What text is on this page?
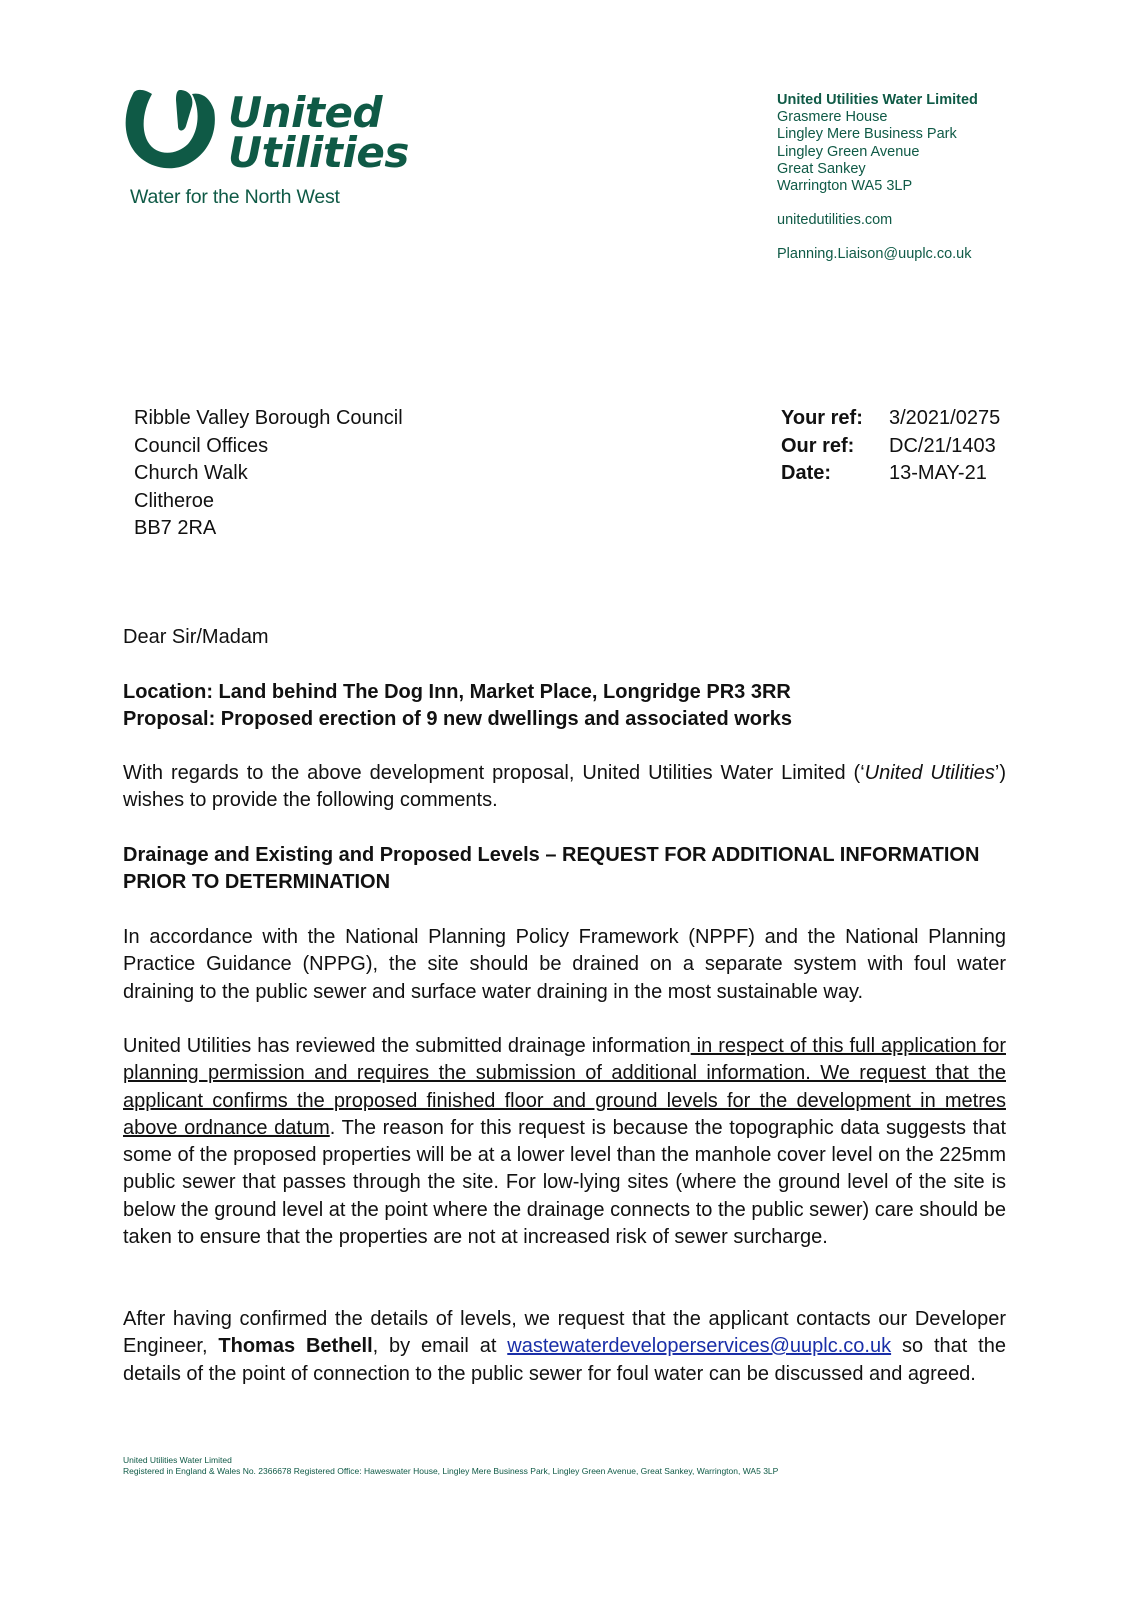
United
Utilities
Water for the North West
United Utilities Water Limited
Grasmere House
Lingley Mere Business Park
Lingley Green Avenue
Great Sankey
Warrington WA5 3LP
unitedutilities.com
Planning.Liaison@uuplc.co.uk
Ribble Valley Borough Council
Council Offices
Church Walk
Clitheroe
BB7 2RA
Your ref:	3/2021/0275
Our ref:	DC/21/1403
Date:	13-MAY-21
Dear Sir/Madam

Location: Land behind The Dog Inn, Market Place, Longridge PR3 3RR

Proposal: Proposed erection of 9 new dwellings and associated works

With regards to the above development proposal, United Utilities Water Limited (‘United Utilities’) wishes to provide the following comments.

Drainage and Existing and Proposed Levels – REQUEST FOR ADDITIONAL INFORMATION PRIOR TO DETERMINATION

In accordance with the National Planning Policy Framework (NPPF) and the National Planning Practice Guidance (NPPG), the site should be drained on a separate system with foul water draining to the public sewer and surface water draining in the most sustainable way.

United Utilities has reviewed the submitted drainage information in respect of this full application for planning permission and requires the submission of additional information. We request that the applicant confirms the proposed finished floor and ground levels for the development in metres above ordnance datum. The reason for this request is because the topographic data suggests that some of the proposed properties will be at a lower level than the manhole cover level on the 225mm public sewer that passes through the site. For low-lying sites (where the ground level of the site is below the ground level at the point where the drainage connects to the public sewer) care should be taken to ensure that the properties are not at increased risk of sewer surcharge.

After having confirmed the details of levels, we request that the applicant contacts our Developer Engineer, Thomas Bethell, by email at wastewaterdeveloperservices@uuplc.co.uk so that the details of the point of connection to the public sewer for foul water can be discussed and agreed.

United Utilities Water Limited
Registered in England & Wales No. 2366678 Registered Office: Haweswater House, Lingley Mere Business Park, Lingley Green Avenue, Great Sankey, Warrington, WA5 3LP
